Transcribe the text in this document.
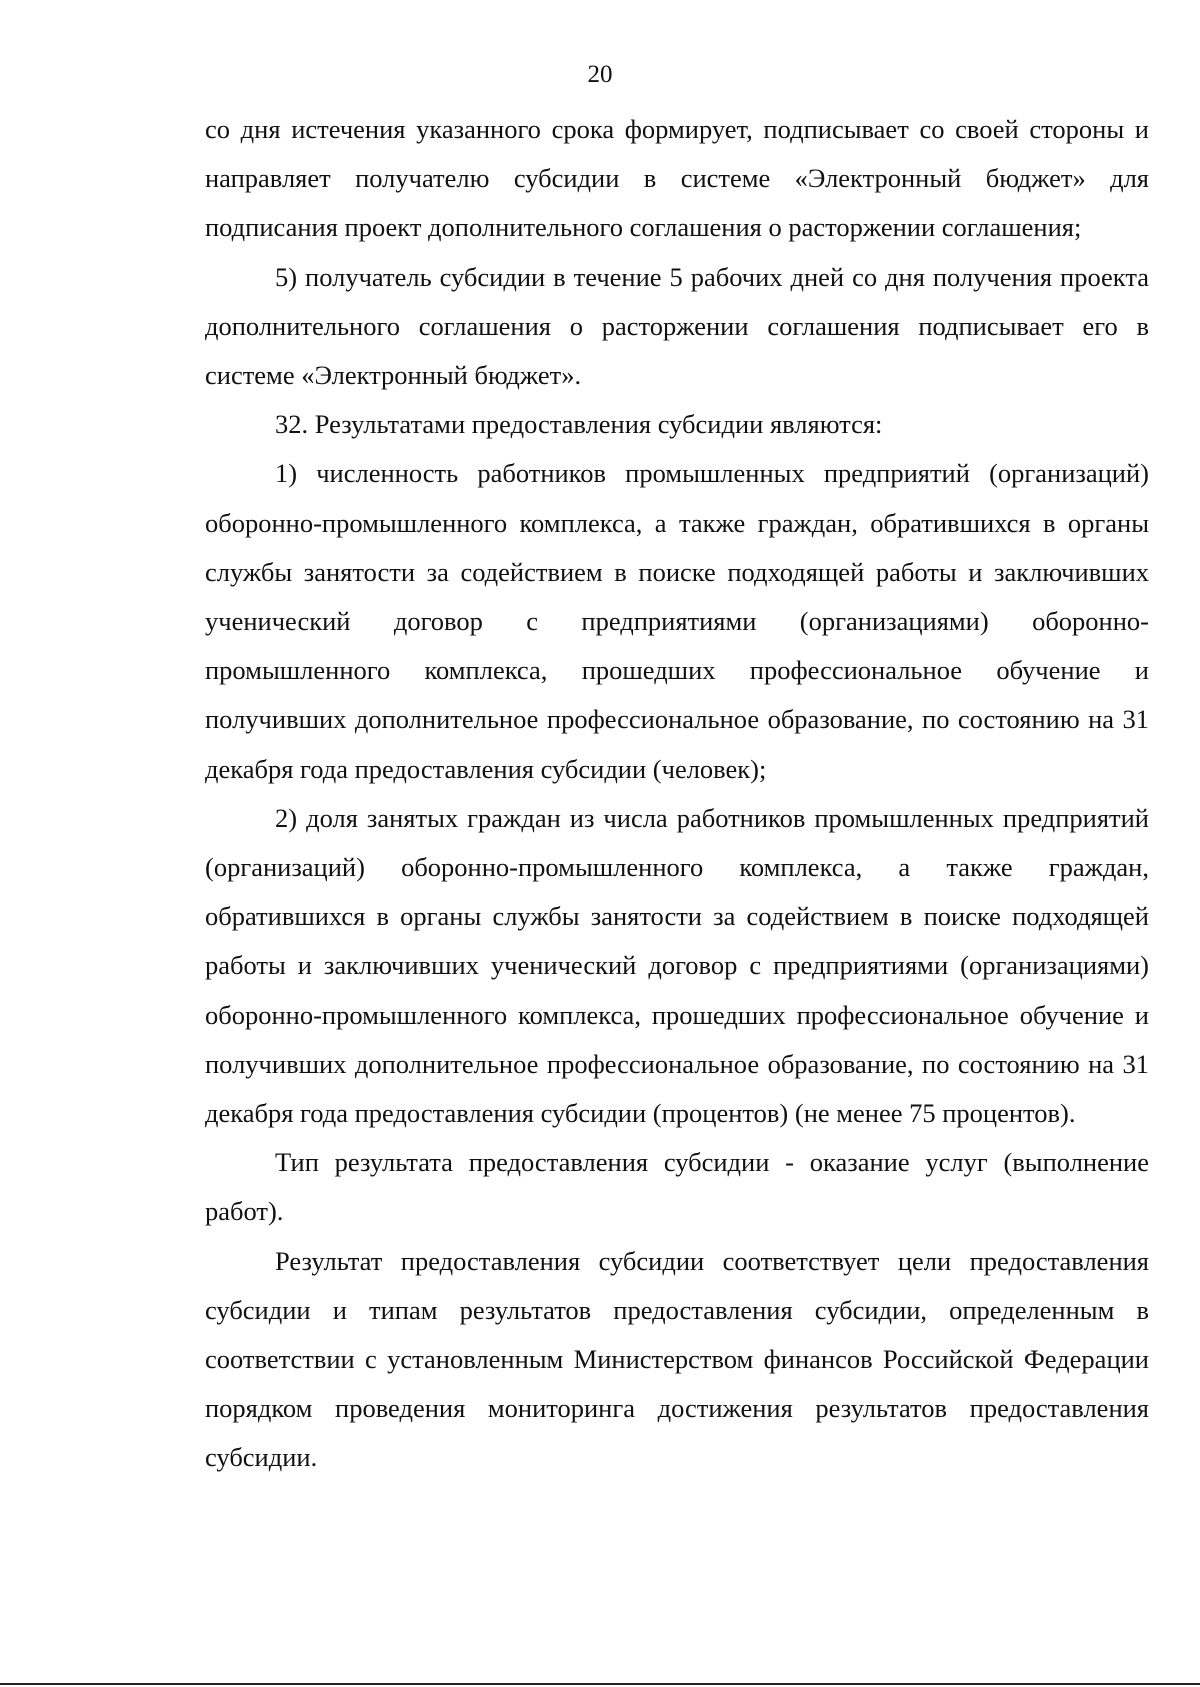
20

со дня истечения указанного срока формирует, подписывает со своей стороны и направляет получателю субсидии в системе «Электронный бюджет» для подписания проект дополнительного соглашения о расторжении соглашения;

5) получатель субсидии в течение 5 рабочих дней со дня получения проекта дополнительного соглашения о расторжении соглашения подписывает его в системе «Электронный бюджет».

32. Результатами предоставления субсидии являются:

1) численность работников промышленных предприятий (организаций) оборонно-промышленного комплекса, а также граждан, обратившихся в органы службы занятости за содействием в поиске подходящей работы и заключивших ученический договор с предприятиями (организациями) оборонно-промышленного комплекса, прошедших профессиональное обучение и получивших дополнительное профессиональное образование, по состоянию на 31 декабря года предоставления субсидии (человек);

2) доля занятых граждан из числа работников промышленных предприятий (организаций) оборонно-промышленного комплекса, а также граждан, обратившихся в органы службы занятости за содействием в поиске подходящей работы и заключивших ученический договор с предприятиями (организациями) оборонно-промышленного комплекса, прошедших профессиональное обучение и получивших дополнительное профессиональное образование, по состоянию на 31 декабря года предоставления субсидии (процентов) (не менее 75 процентов).

Тип результата предоставления субсидии - оказание услуг (выполнение работ).

Результат предоставления субсидии соответствует цели предоставления субсидии и типам результатов предоставления субсидии, определенным в соответствии с установленным Министерством финансов Российской Федерации порядком проведения мониторинга достижения результатов предоставления субсидии.
